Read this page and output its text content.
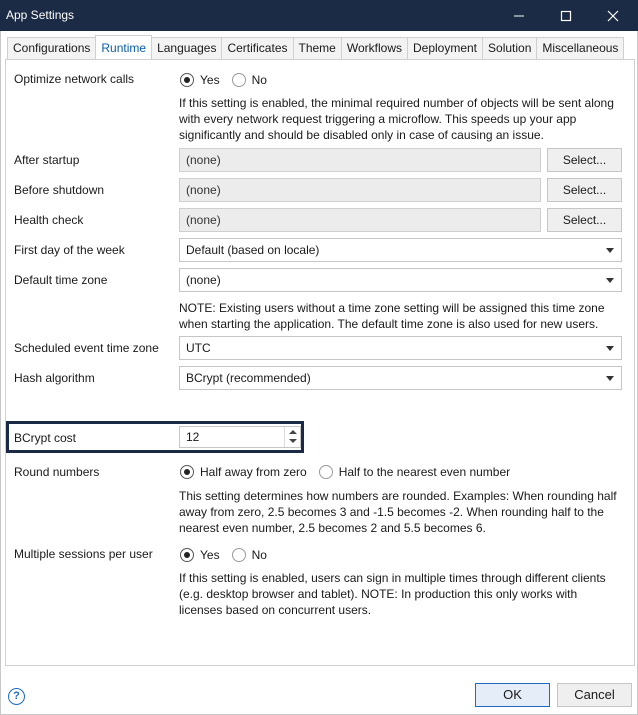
App Settings
Configurations Runtime Languages Certificates Theme Workflows Deployment Solution Miscellaneous
Optimize network calls	Yes	No
If this setting is enabled, the minimal required number of objects will be sent along with every network request triggering a microflow. This speeds up your app significantly and should be disabled only in case of causing an issue.
After startup	(none)	Select...
Before shutdown	(none)	Select...
Health check	(none)	Select...
First day of the week	Default (based on locale)
Default time zone	(none)
NOTE: Existing users without a time zone setting will be assigned this time zone when starting the application. The default time zone is also used for new users.
Scheduled event time zone	UTC
Hash algorithm	BCrypt (recommended)
BCrypt cost	12
Round numbers	Half away from zero	Half to the nearest even number
This setting determines how numbers are rounded. Examples: When rounding half away from zero, 2.5 becomes 3 and -1.5 becomes -2. When rounding half to the nearest even number, 2.5 becomes 2 and 5.5 becomes 6.
Multiple sessions per user	Yes	No
If this setting is enabled, users can sign in multiple times through different clients (e.g. desktop browser and tablet). NOTE: In production this only works with licenses based on concurrent users.
?	OK	Cancel
